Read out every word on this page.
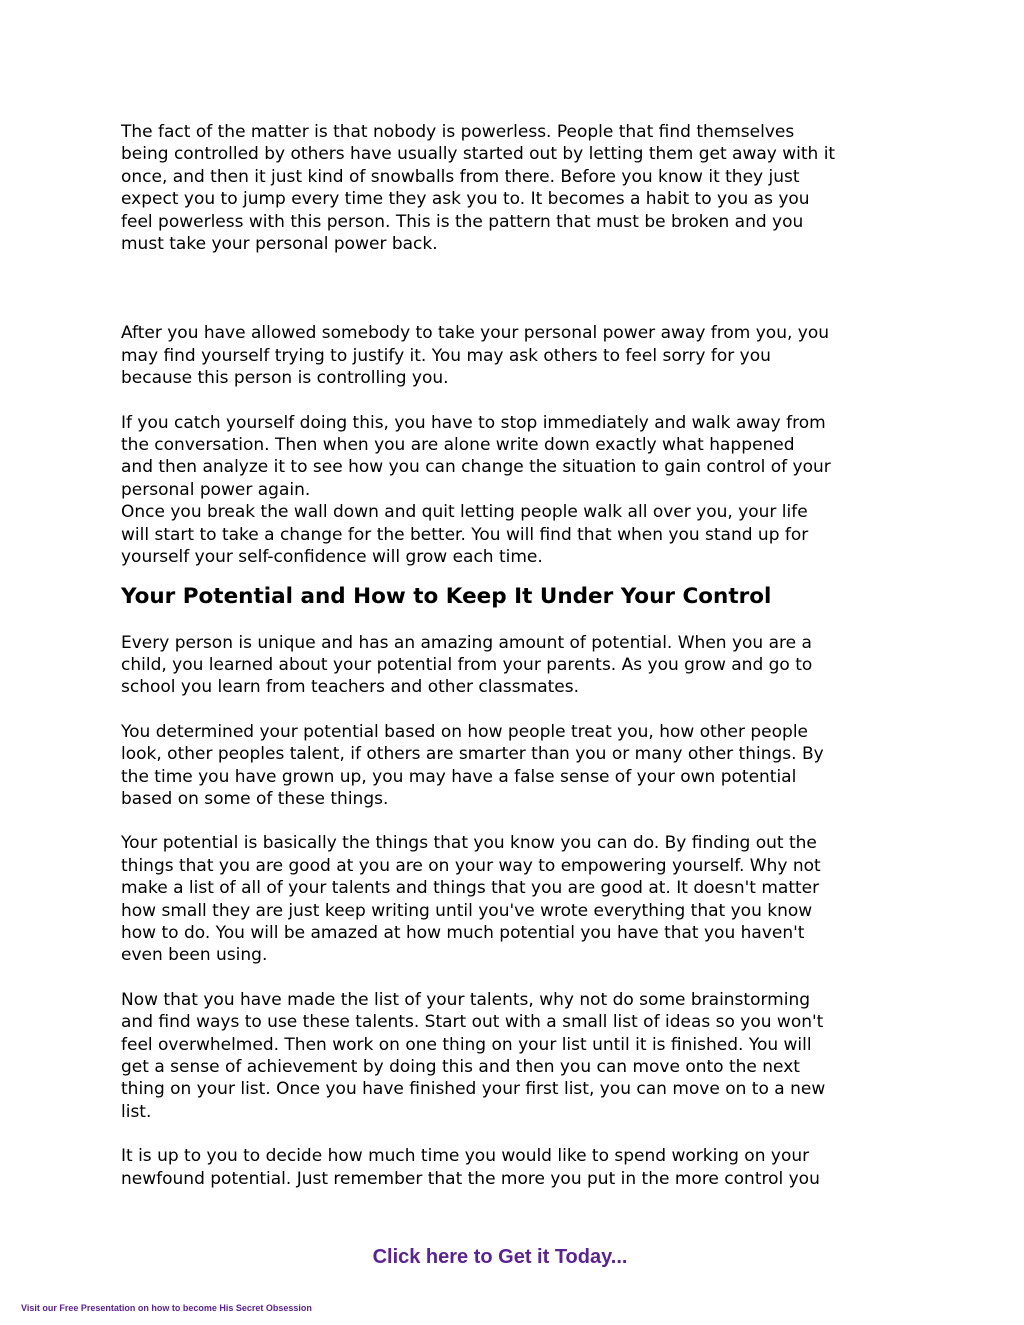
The fact of the matter is that nobody is powerless. People that find themselves
being controlled by others have usually started out by letting them get away with it
once, and then it just kind of snowballs from there. Before you know it they just
expect you to jump every time they ask you to. It becomes a habit to you as you
feel powerless with this person. This is the pattern that must be broken and you
must take your personal power back.

After you have allowed somebody to take your personal power away from you, you
may find yourself trying to justify it. You may ask others to feel sorry for you
because this person is controlling you.

If you catch yourself doing this, you have to stop immediately and walk away from
the conversation. Then when you are alone write down exactly what happened
and then analyze it to see how you can change the situation to gain control of your
personal power again.
Once you break the wall down and quit letting people walk all over you, your life
will start to take a change for the better. You will find that when you stand up for
yourself your self-confidence will grow each time.

Your Potential and How to Keep It Under Your Control

Every person is unique and has an amazing amount of potential. When you are a
child, you learned about your potential from your parents. As you grow and go to
school you learn from teachers and other classmates.

You determined your potential based on how people treat you, how other people
look, other peoples talent, if others are smarter than you or many other things. By
the time you have grown up, you may have a false sense of your own potential
based on some of these things.

Your potential is basically the things that you know you can do. By finding out the
things that you are good at you are on your way to empowering yourself. Why not
make a list of all of your talents and things that you are good at. It doesn't matter
how small they are just keep writing until you've wrote everything that you know
how to do. You will be amazed at how much potential you have that you haven't
even been using.

Now that you have made the list of your talents, why not do some brainstorming
and find ways to use these talents. Start out with a small list of ideas so you won't
feel overwhelmed. Then work on one thing on your list until it is finished. You will
get a sense of achievement by doing this and then you can move onto the next
thing on your list. Once you have finished your first list, you can move on to a new
list.

It is up to you to decide how much time you would like to spend working on your
newfound potential. Just remember that the more you put in the more control you

Click here to Get it Today...
Visit our Free Presentation on how to become His Secret Obsession
